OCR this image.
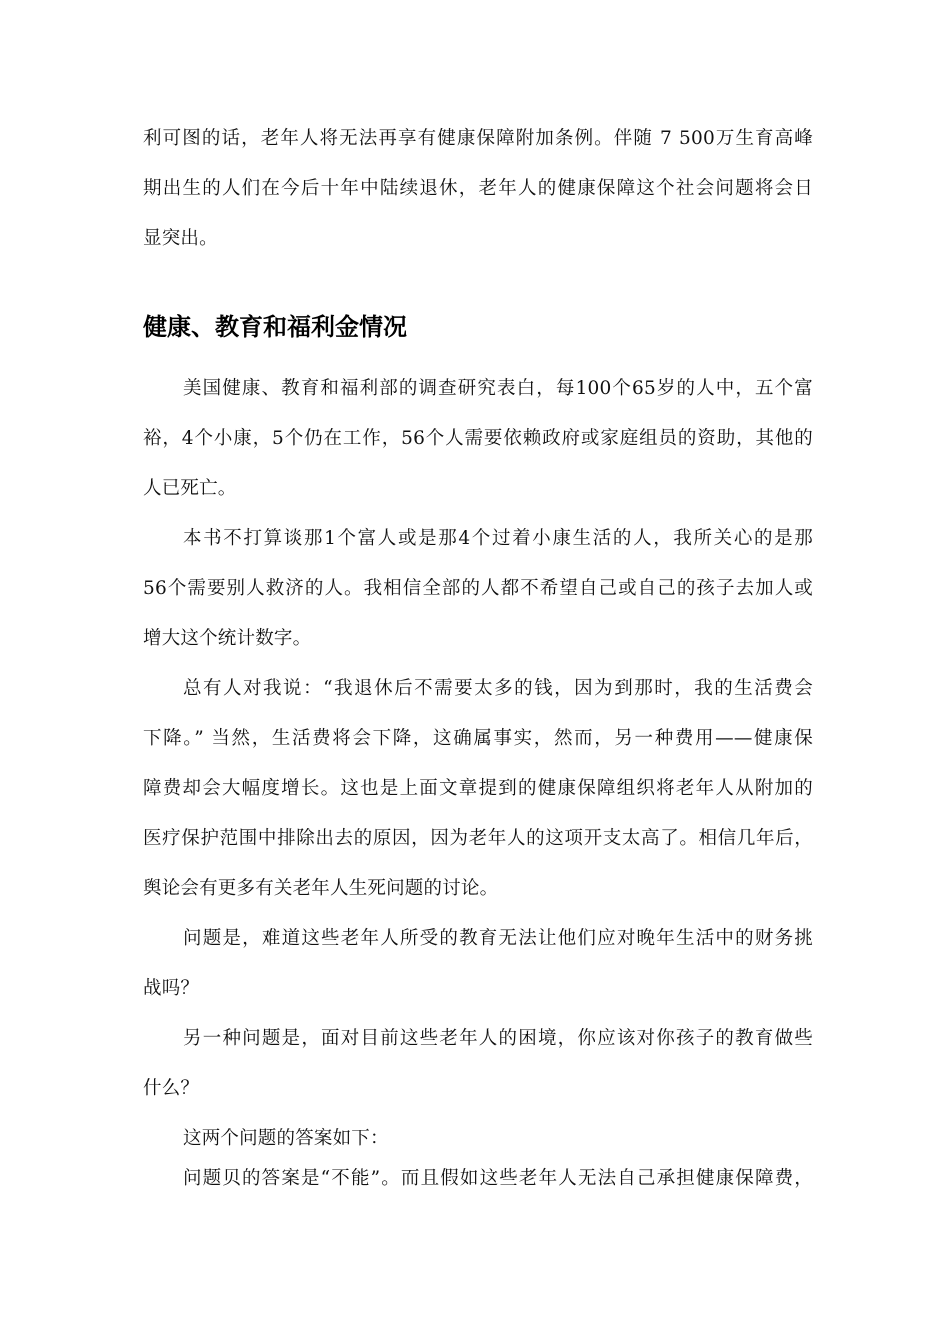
利可图的话，老年人将无法再享有健康保障附加条例。伴随 7 500万生育高峰
期出生的人们在今后十年中陆续退休，老年人的健康保障这个社会问题将会日
显突出。
健康、教育和福利金情况
美国健康、教育和福利部的调查研究表白，每100个65岁的人中，五个富
裕，4个小康，5个仍在工作，56个人需要依赖政府或家庭组员的资助，其他的
人已死亡。
本书不打算谈那1个富人或是那4个过着小康生活的人，我所关心的是那
56个需要别人救济的人。我相信全部的人都不希望自己或自己的孩子去加人或
增大这个统计数字。
总有人对我说：“我退休后不需要太多的钱，因为到那时，我的生活费会
下降。” 当然，生活费将会下降，这确属事实，然而，另一种费用——健康保
障费却会大幅度增长。这也是上面文章提到的健康保障组织将老年人从附加的
医疗保护范围中排除出去的原因，因为老年人的这项开支太高了。相信几年后，
舆论会有更多有关老年人生死问题的讨论。
问题是，难道这些老年人所受的教育无法让他们应对晚年生活中的财务挑
战吗？
另一种问题是，面对目前这些老年人的困境，你应该对你孩子的教育做些
什么？
这两个问题的答案如下：
问题贝的答案是“不能”。而且假如这些老年人无法自己承担健康保障费，
